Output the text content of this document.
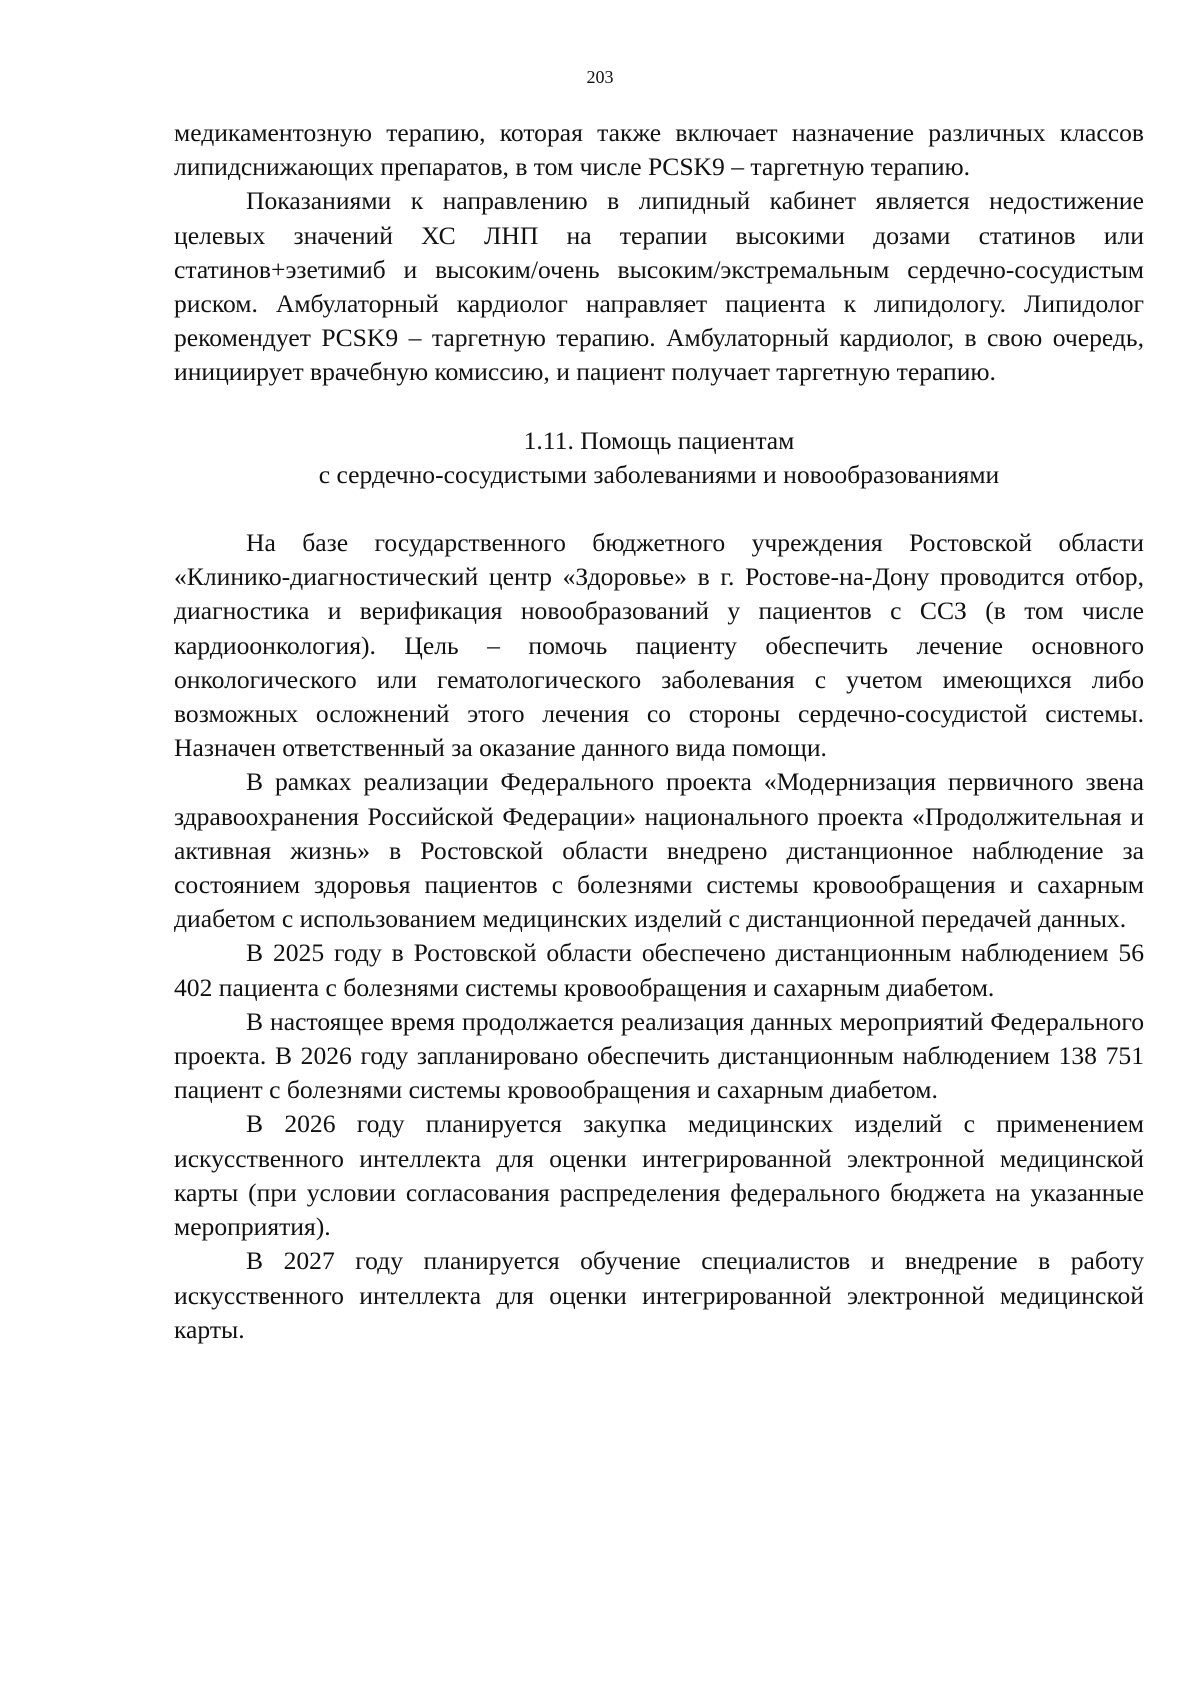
203

медикаментозную терапию, которая также включает назначение различных классов липидснижающих препаратов, в том числе PCSK9 – таргетную терапию.

Показаниями к направлению в липидный кабинет является недостижение целевых значений ХС ЛНП на терапии высокими дозами статинов или статинов+эзетимиб и высоким/очень высоким/экстремальным сердечно-сосудистым риском. Амбулаторный кардиолог направляет пациента к липидологу. Липидолог рекомендует PCSK9 – таргетную терапию. Амбулаторный кардиолог, в свою очередь, инициирует врачебную комиссию, и пациент получает таргетную терапию.

1.11. Помощь пациентам
с сердечно-сосудистыми заболеваниями и новообразованиями

На базе государственного бюджетного учреждения Ростовской области «Клинико-диагностический центр «Здоровье» в г. Ростове-на-Дону проводится отбор, диагностика и верификация новообразований у пациентов с ССЗ (в том числе кардиоонкология). Цель – помочь пациенту обеспечить лечение основного онкологического или гематологического заболевания с учетом имеющихся либо возможных осложнений этого лечения со стороны сердечно-сосудистой системы. Назначен ответственный за оказание данного вида помощи.

В рамках реализации Федерального проекта «Модернизация первичного звена здравоохранения Российской Федерации» национального проекта «Продолжительная и активная жизнь» в Ростовской области внедрено дистанционное наблюдение за состоянием здоровья пациентов с болезнями системы кровообращения и сахарным диабетом с использованием медицинских изделий с дистанционной передачей данных.

В 2025 году в Ростовской области обеспечено дистанционным наблюдением 56 402 пациента с болезнями системы кровообращения и сахарным диабетом.

В настоящее время продолжается реализация данных мероприятий Федерального проекта. В 2026 году запланировано обеспечить дистанционным наблюдением 138 751 пациент с болезнями системы кровообращения и сахарным диабетом.

В 2026 году планируется закупка медицинских изделий с применением искусственного интеллекта для оценки интегрированной электронной медицинской карты (при условии согласования распределения федерального бюджета на указанные мероприятия).

В 2027 году планируется обучение специалистов и внедрение в работу искусственного интеллекта для оценки интегрированной электронной медицинской карты.
